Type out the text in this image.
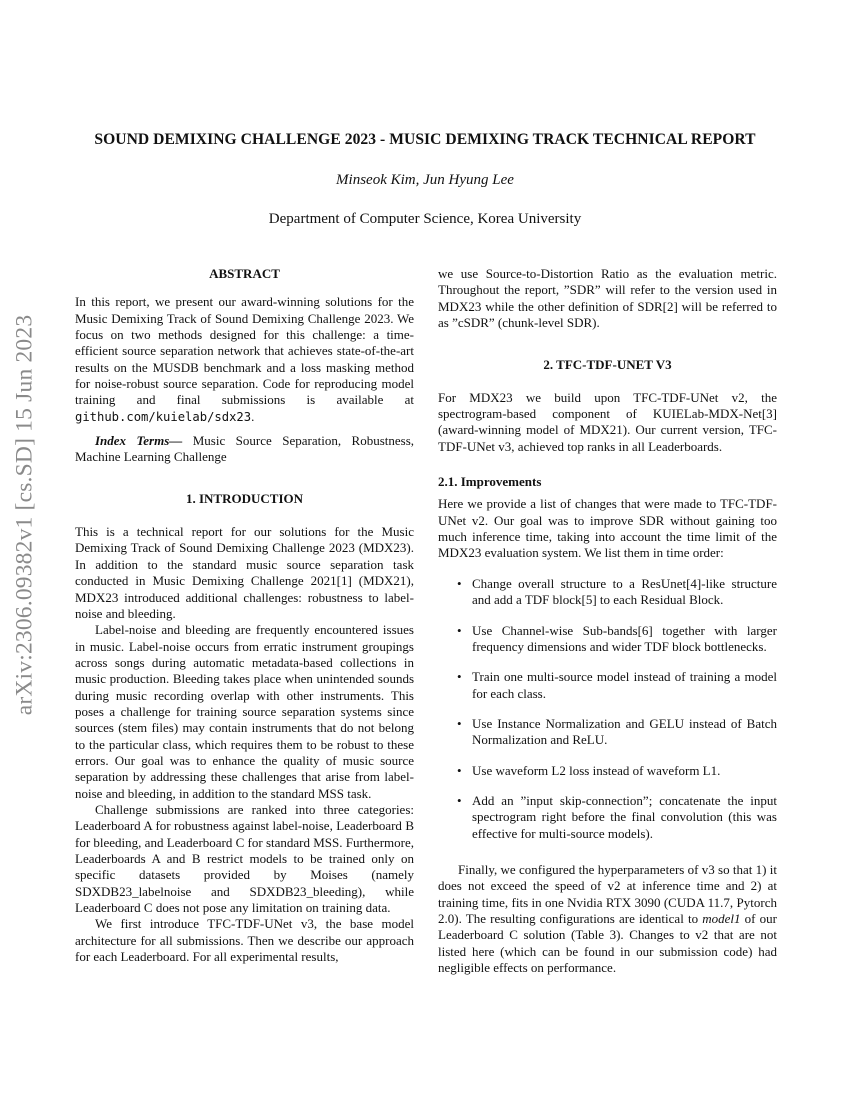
arXiv:2306.09382v1 [cs.SD] 15 Jun 2023
SOUND DEMIXING CHALLENGE 2023 - MUSIC DEMIXING TRACK TECHNICAL REPORT
Minseok Kim, Jun Hyung Lee
Department of Computer Science, Korea University
ABSTRACT

In this report, we present our award-winning solutions for the Music Demixing Track of Sound Demixing Challenge 2023. We focus on two methods designed for this challenge: a time-efficient source separation network that achieves state-of-the-art results on the MUSDB benchmark and a loss masking method for noise-robust source separation. Code for reproducing model training and final submissions is available at github.com/kuielab/sdx23.

Index Terms— Music Source Separation, Robustness, Machine Learning Challenge

1. INTRODUCTION

This is a technical report for our solutions for the Music Demixing Track of Sound Demixing Challenge 2023 (MDX23). In addition to the standard music source separation task conducted in Music Demixing Challenge 2021[1] (MDX21), MDX23 introduced additional challenges: robustness to label-noise and bleeding.

Label-noise and bleeding are frequently encountered issues in music. Label-noise occurs from erratic instrument groupings across songs during automatic metadata-based collections in music production. Bleeding takes place when unintended sounds during music recording overlap with other instruments. This poses a challenge for training source separation systems since sources (stem files) may contain instruments that do not belong to the particular class, which requires them to be robust to these errors. Our goal was to enhance the quality of music source separation by addressing these challenges that arise from label-noise and bleeding, in addition to the standard MSS task.

Challenge submissions are ranked into three categories: Leaderboard A for robustness against label-noise, Leaderboard B for bleeding, and Leaderboard C for standard MSS. Furthermore, Leaderboards A and B restrict models to be trained only on specific datasets provided by Moises (namely SDXDB23_labelnoise and SDXDB23_bleeding), while Leaderboard C does not pose any limitation on training data.

We first introduce TFC-TDF-UNet v3, the base model architecture for all submissions. Then we describe our approach for each Leaderboard. For all experimental results,

we use Source-to-Distortion Ratio as the evaluation metric. Throughout the report, ”SDR” will refer to the version used in MDX23 while the other definition of SDR[2] will be referred to as ”cSDR” (chunk-level SDR).

2. TFC-TDF-UNET V3

For MDX23 we build upon TFC-TDF-UNet v2, the spectrogram-based component of KUIELab-MDX-Net[3] (award-winning model of MDX21). Our current version, TFC-TDF-UNet v3, achieved top ranks in all Leaderboards.

2.1. Improvements

Here we provide a list of changes that were made to TFC-TDF-UNet v2. Our goal was to improve SDR without gaining too much inference time, taking into account the time limit of the MDX23 evaluation system. We list them in time order:

• Change overall structure to a ResUnet[4]-like structure and add a TDF block[5] to each Residual Block.
• Use Channel-wise Sub-bands[6] together with larger frequency dimensions and wider TDF block bottlenecks.
• Train one multi-source model instead of training a model for each class.
• Use Instance Normalization and GELU instead of Batch Normalization and ReLU.
• Use waveform L2 loss instead of waveform L1.
• Add an ”input skip-connection”; concatenate the input spectrogram right before the final convolution (this was effective for multi-source models).

Finally, we configured the hyperparameters of v3 so that 1) it does not exceed the speed of v2 at inference time and 2) at training time, fits in one Nvidia RTX 3090 (CUDA 11.7, Pytorch 2.0). The resulting configurations are identical to model1 of our Leaderboard C solution (Table 3). Changes to v2 that are not listed here (which can be found in our submission code) had negligible effects on performance.
